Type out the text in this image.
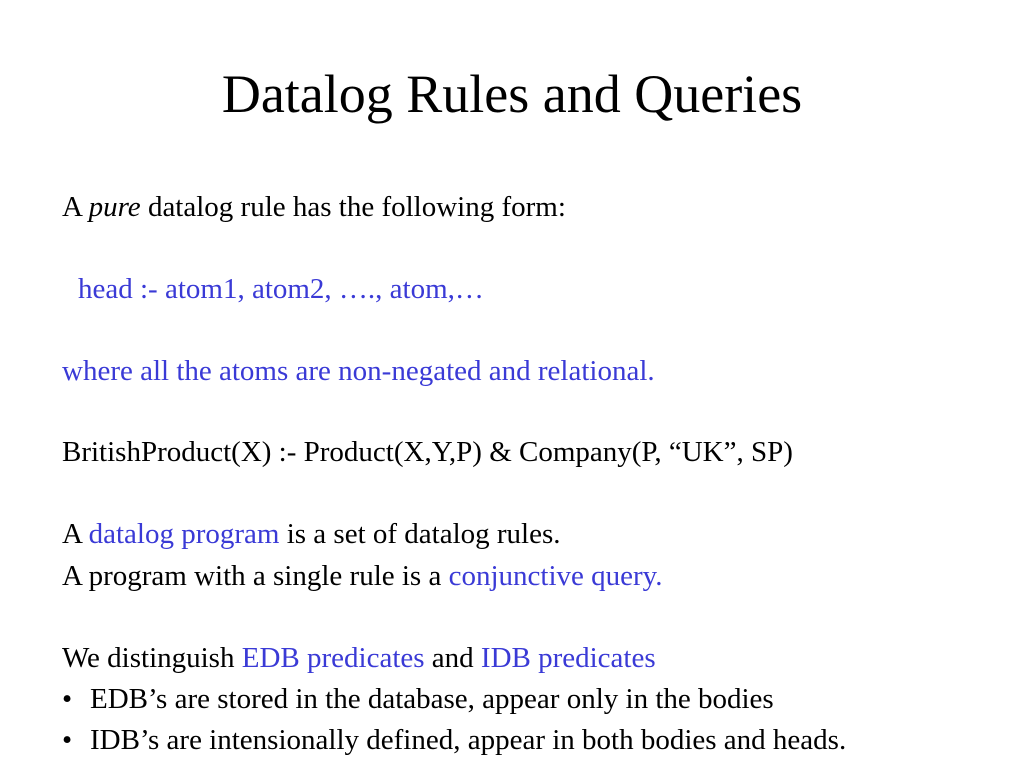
Datalog Rules and Queries
A pure datalog rule has the following form:
head :- atom1, atom2, …., atom,…
where all the atoms are non-negated and relational.
BritishProduct(X) :- Product(X,Y,P) & Company(P, “UK”, SP)
A datalog program is a set of datalog rules.
A program with a single rule is a conjunctive query.
We distinguish EDB predicates and IDB predicates
• EDB’s are stored in the database, appear only in the bodies
• IDB’s are intensionally defined, appear in both bodies and heads.
